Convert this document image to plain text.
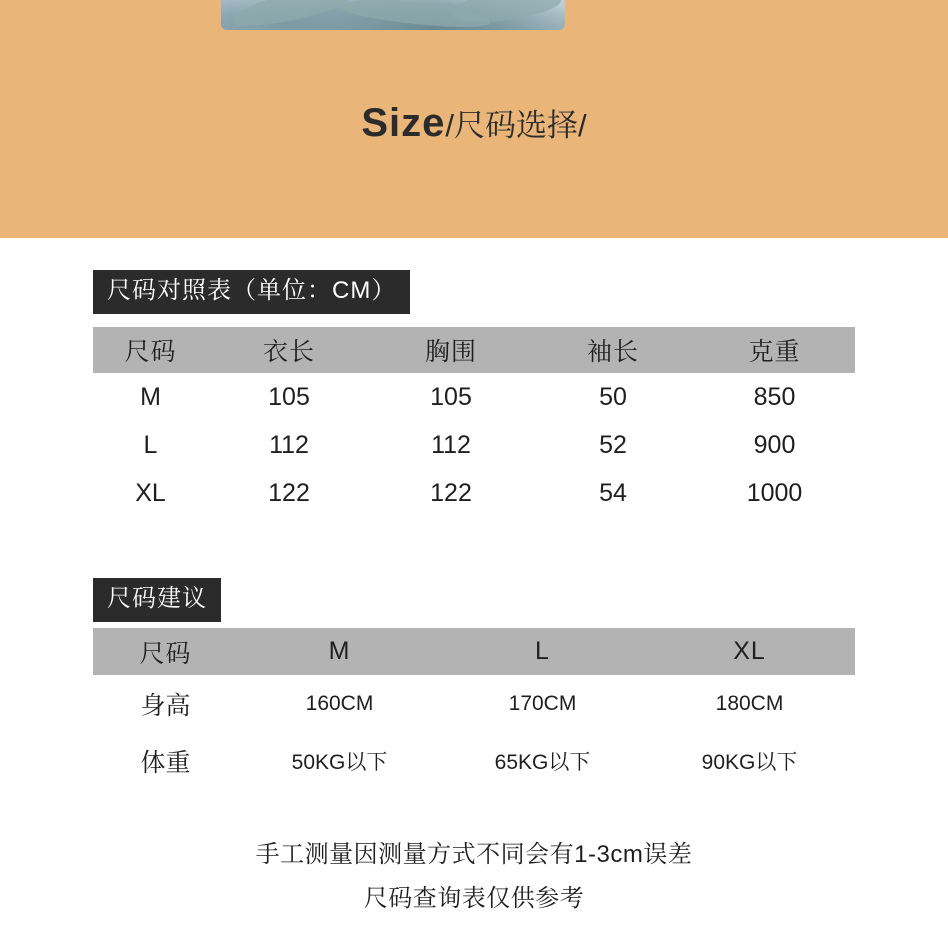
Size/尺码选择/
尺码对照表（单位：CM）
尺码	衣长	胸围	袖长	克重
M	105	105	50	850
L	112	112	52	900
XL	122	122	54	1000
尺码建议
尺码	M	L	XL
身高	160CM	170CM	180CM
体重	50KG以下	65KG以下	90KG以下
手工测量因测量方式不同会有1-3cm误差
尺码查询表仅供参考
